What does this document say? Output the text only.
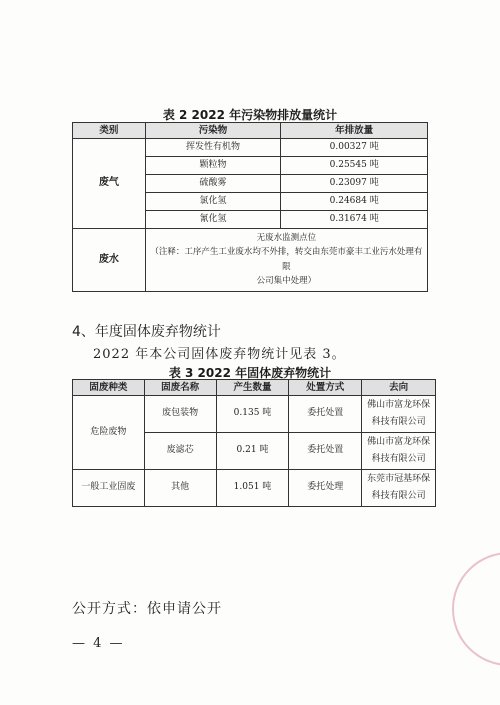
表 2 2022 年污染物排放量统计
类别	污染物	年排放量
废气	挥发性有机物	0.00327 吨
	颗粒物	0.25545 吨
	硫酸雾	0.23097 吨
	氯化氢	0.24684 吨
	氰化氢	0.31674 吨
废水	无废水监测点位
（注释：工序产生工业废水均不外排，转交由东莞市豪丰工业污水处理有限
公司集中处理）	
4、年度固体废弃物统计
2022 年本公司固体废弃物统计见表 3。
表 3 2022 年固体废弃物统计
固废种类	固废名称	产生数量	处置方式	去向
危险废物	废包装物	0.135 吨	委托处置	佛山市富龙环保
科技有限公司

	废滤芯	0.21 吨	委托处置	佛山市富龙环保
科技有限公司

一般工业固废	其他	1.051 吨	委托处理	东莞市冠基环保
科技有限公司
公开方式：依申请公开
— 4 —
